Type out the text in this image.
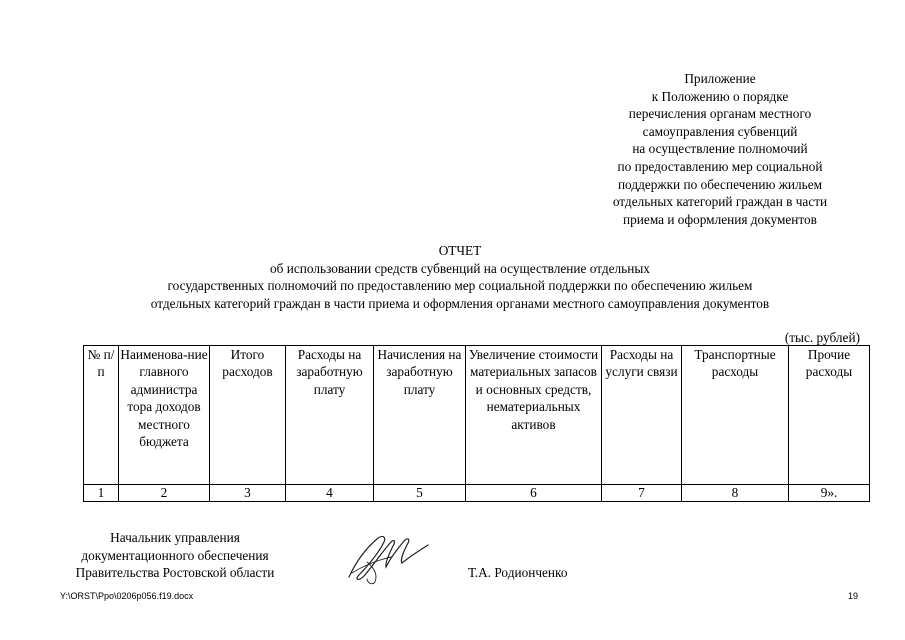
Приложение
к Положению о порядке
перечисления органам местного
самоуправления субвенций
на осуществление полномочий
по предоставлению мер социальной
поддержки по обеспечению жильем
отдельных категорий граждан в части
приема и оформления документов
ОТЧЕТ
об использовании средств субвенций на осуществление отдельных
государственных полномочий по предоставлению мер социальной поддержки по обеспечению жильем
отдельных категорий граждан в части приема и оформления органами местного самоуправления документов
(тыс. рублей)
№ п/п	Наименова-ние главного администра тора доходов местного бюджета	Итого расходов	Расходы на заработную плату	Начисления на заработную плату	Увеличение стоимости материальных запасов и основных средств, нематериальных активов	Расходы на услуги связи	Транспортные расходы	Прочие расходы
1	2	3	4	5	6	7	8	9».
Начальник управления
документационного обеспечения
Правительства Ростовской области	Т.А. Родионченко
Y:\ORST\Ppo\0206p056.f19.docx	19
